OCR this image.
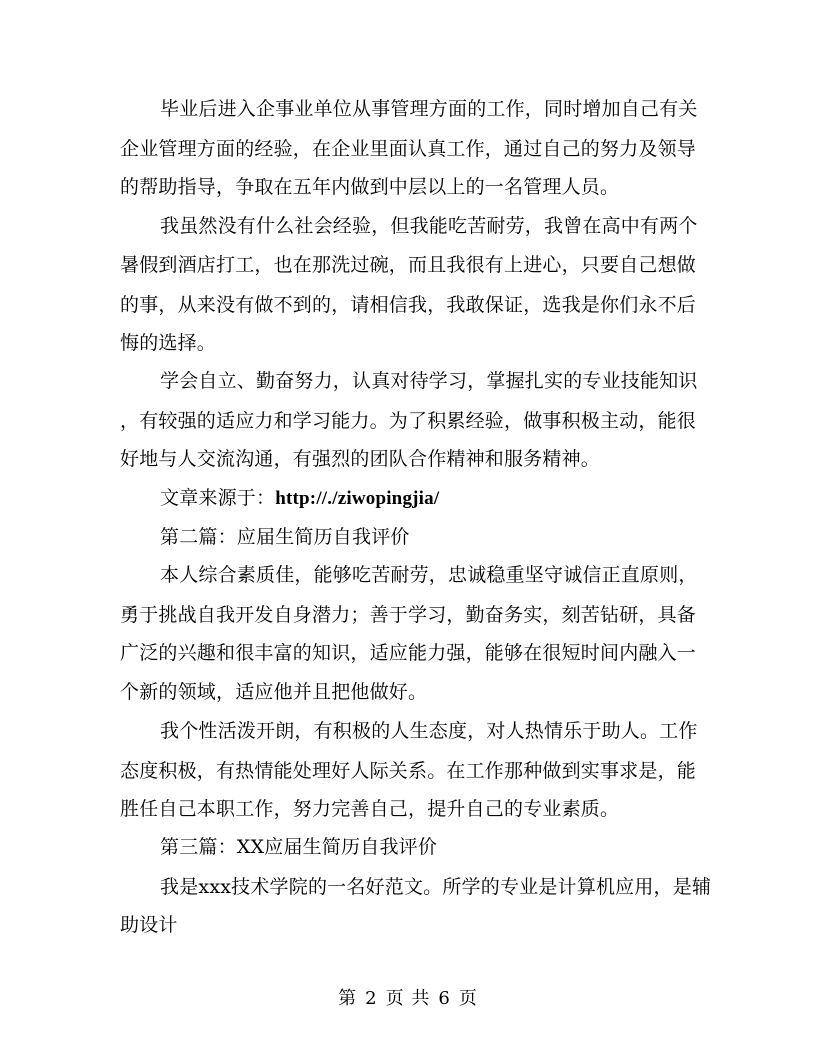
毕业后进入企事业单位从事管理方面的工作，同时增加自己有关
企业管理方面的经验，在企业里面认真工作，通过自己的努力及领导
的帮助指导，争取在五年内做到中层以上的一名管理人员。
我虽然没有什么社会经验，但我能吃苦耐劳，我曾在高中有两个
暑假到酒店打工，也在那洗过碗，而且我很有上进心，只要自己想做
的事，从来没有做不到的，请相信我，我敢保证，选我是你们永不后
悔的选择。
学会自立、勤奋努力，认真对待学习，掌握扎实的专业技能知识
，有较强的适应力和学习能力。为了积累经验，做事积极主动，能很
好地与人交流沟通，有强烈的团队合作精神和服务精神。
文章来源于：http://./ziwopingjia/
第二篇：应届生简历自我评价
本人综合素质佳，能够吃苦耐劳，忠诚稳重坚守诚信正直原则，
勇于挑战自我开发自身潜力；善于学习，勤奋务实，刻苦钻研，具备
广泛的兴趣和很丰富的知识，适应能力强，能够在很短时间内融入一
个新的领域，适应他并且把他做好。
我个性活泼开朗，有积极的人生态度，对人热情乐于助人。工作
态度积极，有热情能处理好人际关系。在工作那种做到实事求是，能
胜任自己本职工作，努力完善自己，提升自己的专业素质。
第三篇：XX应届生简历自我评价
我是xxx技术学院的一名好范文。所学的专业是计算机应用，是辅
助设计
第 2 页 共 6 页
